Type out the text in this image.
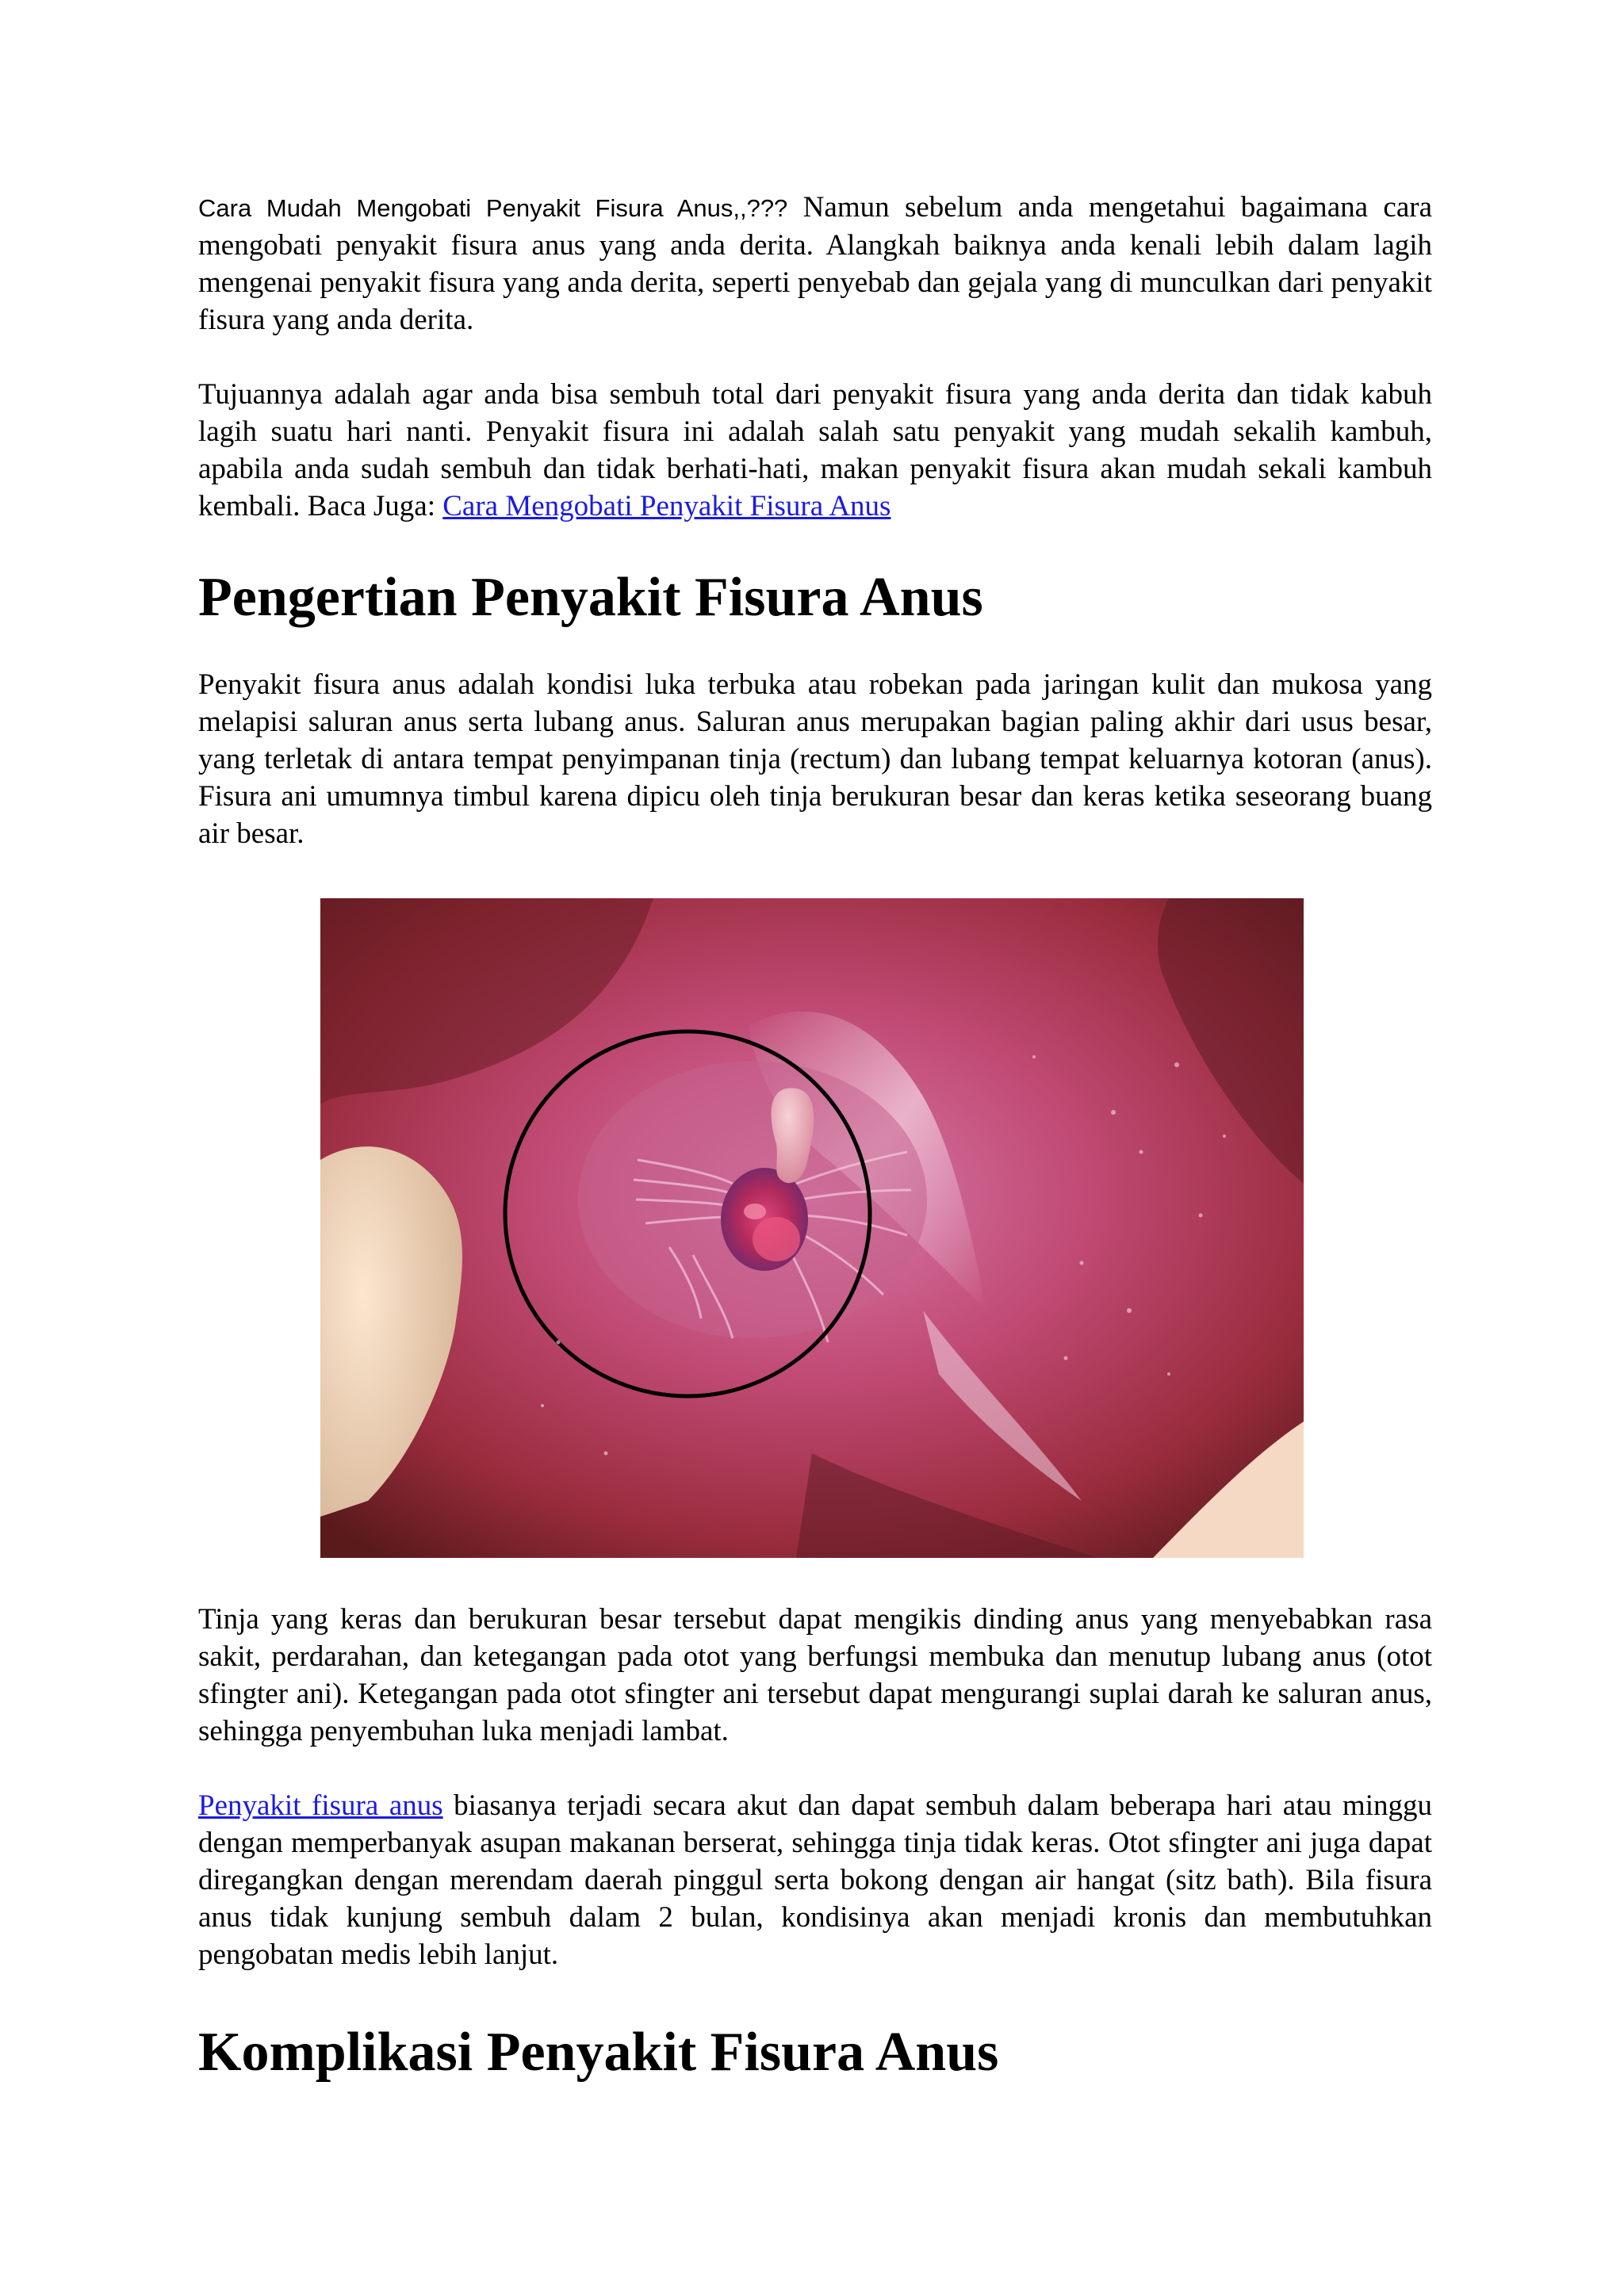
Cara Mudah Mengobati Penyakit Fisura Anus,,??? Namun sebelum anda mengetahui bagaimana cara mengobati penyakit fisura anus yang anda derita. Alangkah baiknya anda kenali lebih dalam lagih mengenai penyakit fisura yang anda derita, seperti penyebab dan gejala yang di munculkan dari penyakit fisura yang anda derita.

Tujuannya adalah agar anda bisa sembuh total dari penyakit fisura yang anda derita dan tidak kabuh lagih suatu hari nanti. Penyakit fisura ini adalah salah satu penyakit yang mudah sekalih kambuh, apabila anda sudah sembuh dan tidak berhati-hati, makan penyakit fisura akan mudah sekali kambuh kembali. Baca Juga: Cara Mengobati Penyakit Fisura Anus

Pengertian Penyakit Fisura Anus

Penyakit fisura anus adalah kondisi luka terbuka atau robekan pada jaringan kulit dan mukosa yang melapisi saluran anus serta lubang anus. Saluran anus merupakan bagian paling akhir dari usus besar, yang terletak di antara tempat penyimpanan tinja (rectum) dan lubang tempat keluarnya kotoran (anus). Fisura ani umumnya timbul karena dipicu oleh tinja berukuran besar dan keras ketika seseorang buang air besar.

Tinja yang keras dan berukuran besar tersebut dapat mengikis dinding anus yang menyebabkan rasa sakit, perdarahan, dan ketegangan pada otot yang berfungsi membuka dan menutup lubang anus (otot sfingter ani). Ketegangan pada otot sfingter ani tersebut dapat mengurangi suplai darah ke saluran anus, sehingga penyembuhan luka menjadi lambat.

Penyakit fisura anus biasanya terjadi secara akut dan dapat sembuh dalam beberapa hari atau minggu dengan memperbanyak asupan makanan berserat, sehingga tinja tidak keras. Otot sfingter ani juga dapat diregangkan dengan merendam daerah pinggul serta bokong dengan air hangat (sitz bath). Bila fisura anus tidak kunjung sembuh dalam 2 bulan, kondisinya akan menjadi kronis dan membutuhkan pengobatan medis lebih lanjut.

Komplikasi Penyakit Fisura Anus
